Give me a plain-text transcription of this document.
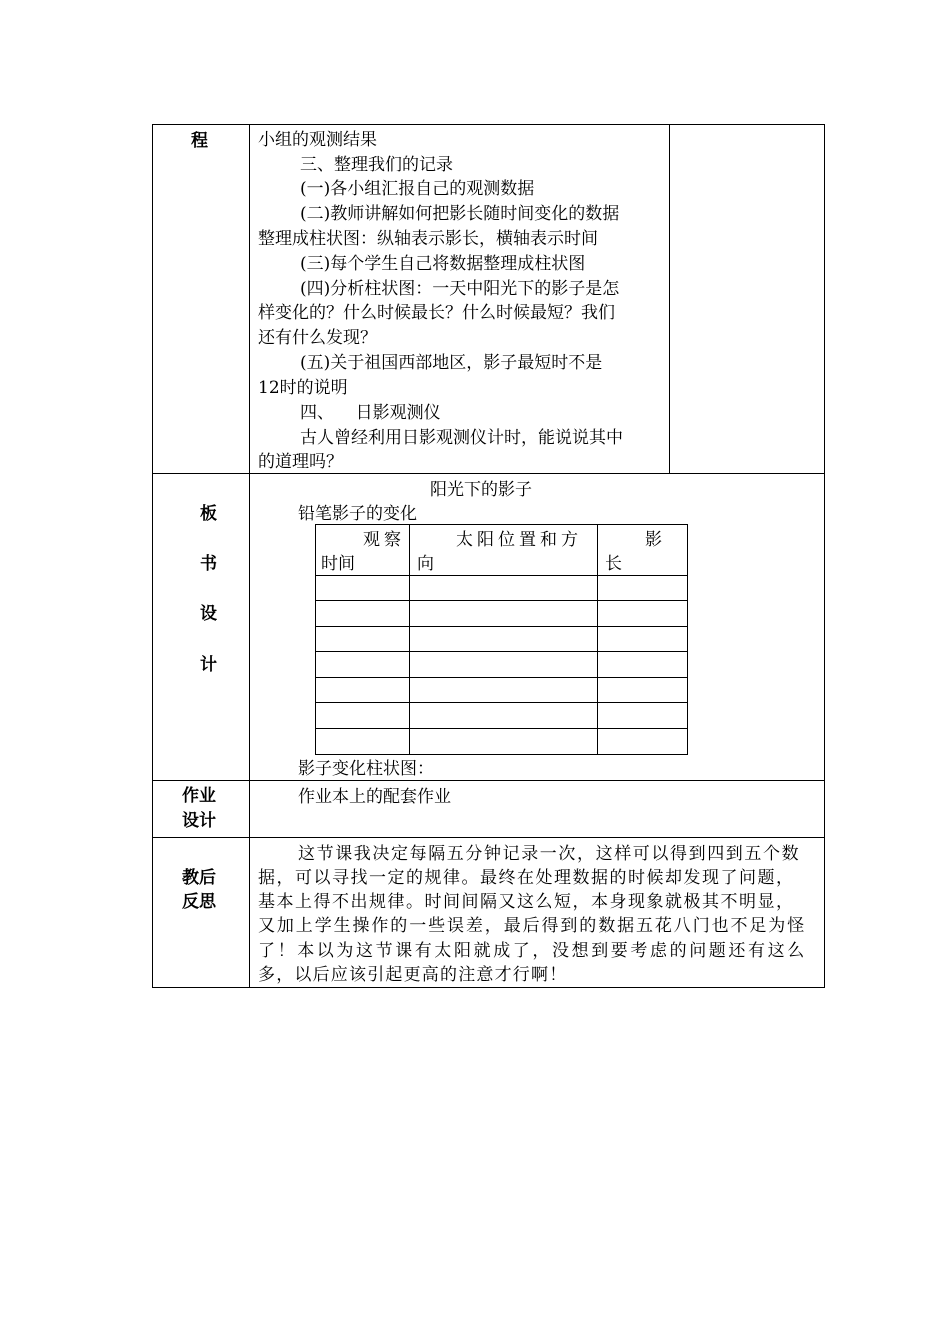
程	小组的观测结果
三、整理我们的记录
(一)各小组汇报自己的观测数据
(二)教师讲解如何把影长随时间变化的数据
整理成柱状图：纵轴表示影长，横轴表示时间
(三)每个学生自己将数据整理成柱状图
(四)分析柱状图：一天中阳光下的影子是怎
样变化的？什么时候最长？什么时候最短？我们
还有什么发现？
(五)关于祖国西部地区，影子最短时不是
12时的说明
四、    日影观测仪
古人曾经利用日影观测仪计时，能说说其中
的道理吗？
板
书
设
计
阳光下的影子
铅笔影子的变化
观察
时间
太阳位置和方
向
影
长
影子变化柱状图：
作业
设计
作业本上的配套作业
教后
反思
这节课我决定每隔五分钟记录一次，这样可以得到四到五个数
据，可以寻找一定的规律。最终在处理数据的时候却发现了问题，
基本上得不出规律。时间间隔又这么短，本身现象就极其不明显，
又加上学生操作的一些误差，最后得到的数据五花八门也不足为怪
了！本以为这节课有太阳就成了，没想到要考虑的问题还有这么
多，以后应该引起更高的注意才行啊！
